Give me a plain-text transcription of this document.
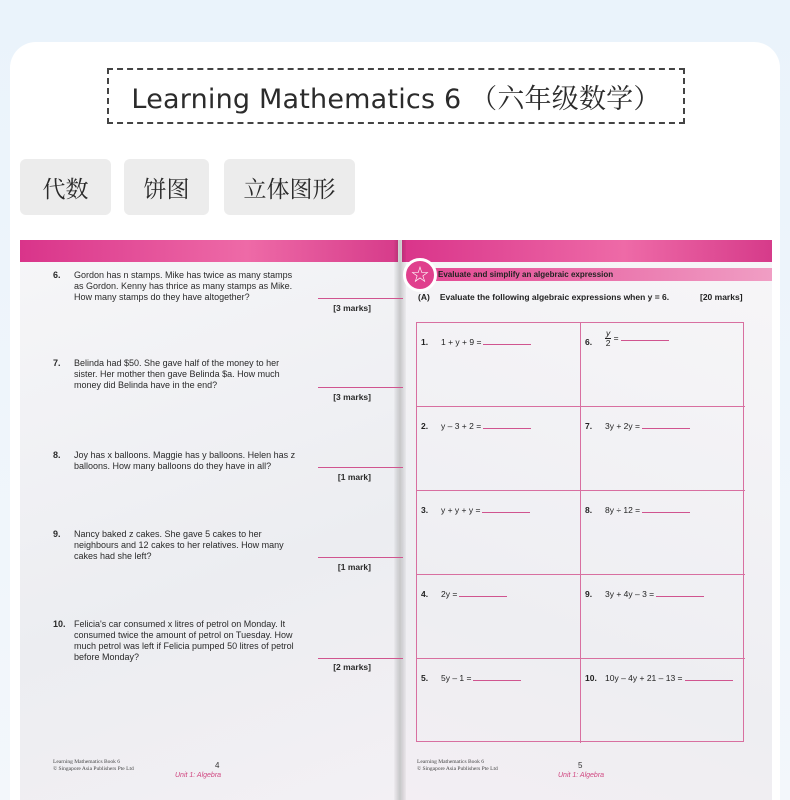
Learning Mathematics 6 （六年级数学）
代数	饼图	立体图形
6. Gordon has n stamps. Mike has twice as many stamps as Gordon. Kenny has thrice as many stamps as Mike. How many stamps do they have altogether?
[3 marks]
7. Belinda had $50. She gave half of the money to her sister. Her mother then gave Belinda $a. How much money did Belinda have in the end?
[3 marks]
8. Joy has x balloons. Maggie has y balloons. Helen has z balloons. How many balloons do they have in all?
[1 mark]
9. Nancy baked z cakes. She gave 5 cakes to her neighbours and 12 cakes to her relatives. How many cakes had she left?
[1 mark]
10. Felicia's car consumed x litres of petrol on Monday. It consumed twice the amount of petrol on Tuesday. How much petrol was left if Felicia pumped 50 litres of petrol before Monday?
[2 marks]
Learning Mathematics Book 6
© Singapore Asia Publishers Pte Ltd	4
Unit 1: Algebra
Evaluate and simplify an algebraic expression
(A) Evaluate the following algebraic expressions when y = 6.	[20 marks]
1. 1 + y + 9 =	6. $\frac{y}{2}$ =
2. y – 3 + 2 =	7. 3y + 2y =
3. y + y + y =	8. 8y ÷ 12 =
4. 2y =	9. 3y + 4y – 3 =
5. 5y – 1 =	10. 10y – 4y + 21 – 13 =
Learning Mathematics Book 6
© Singapore Asia Publishers Pte Ltd	5
Unit 1: Algebra
☆
